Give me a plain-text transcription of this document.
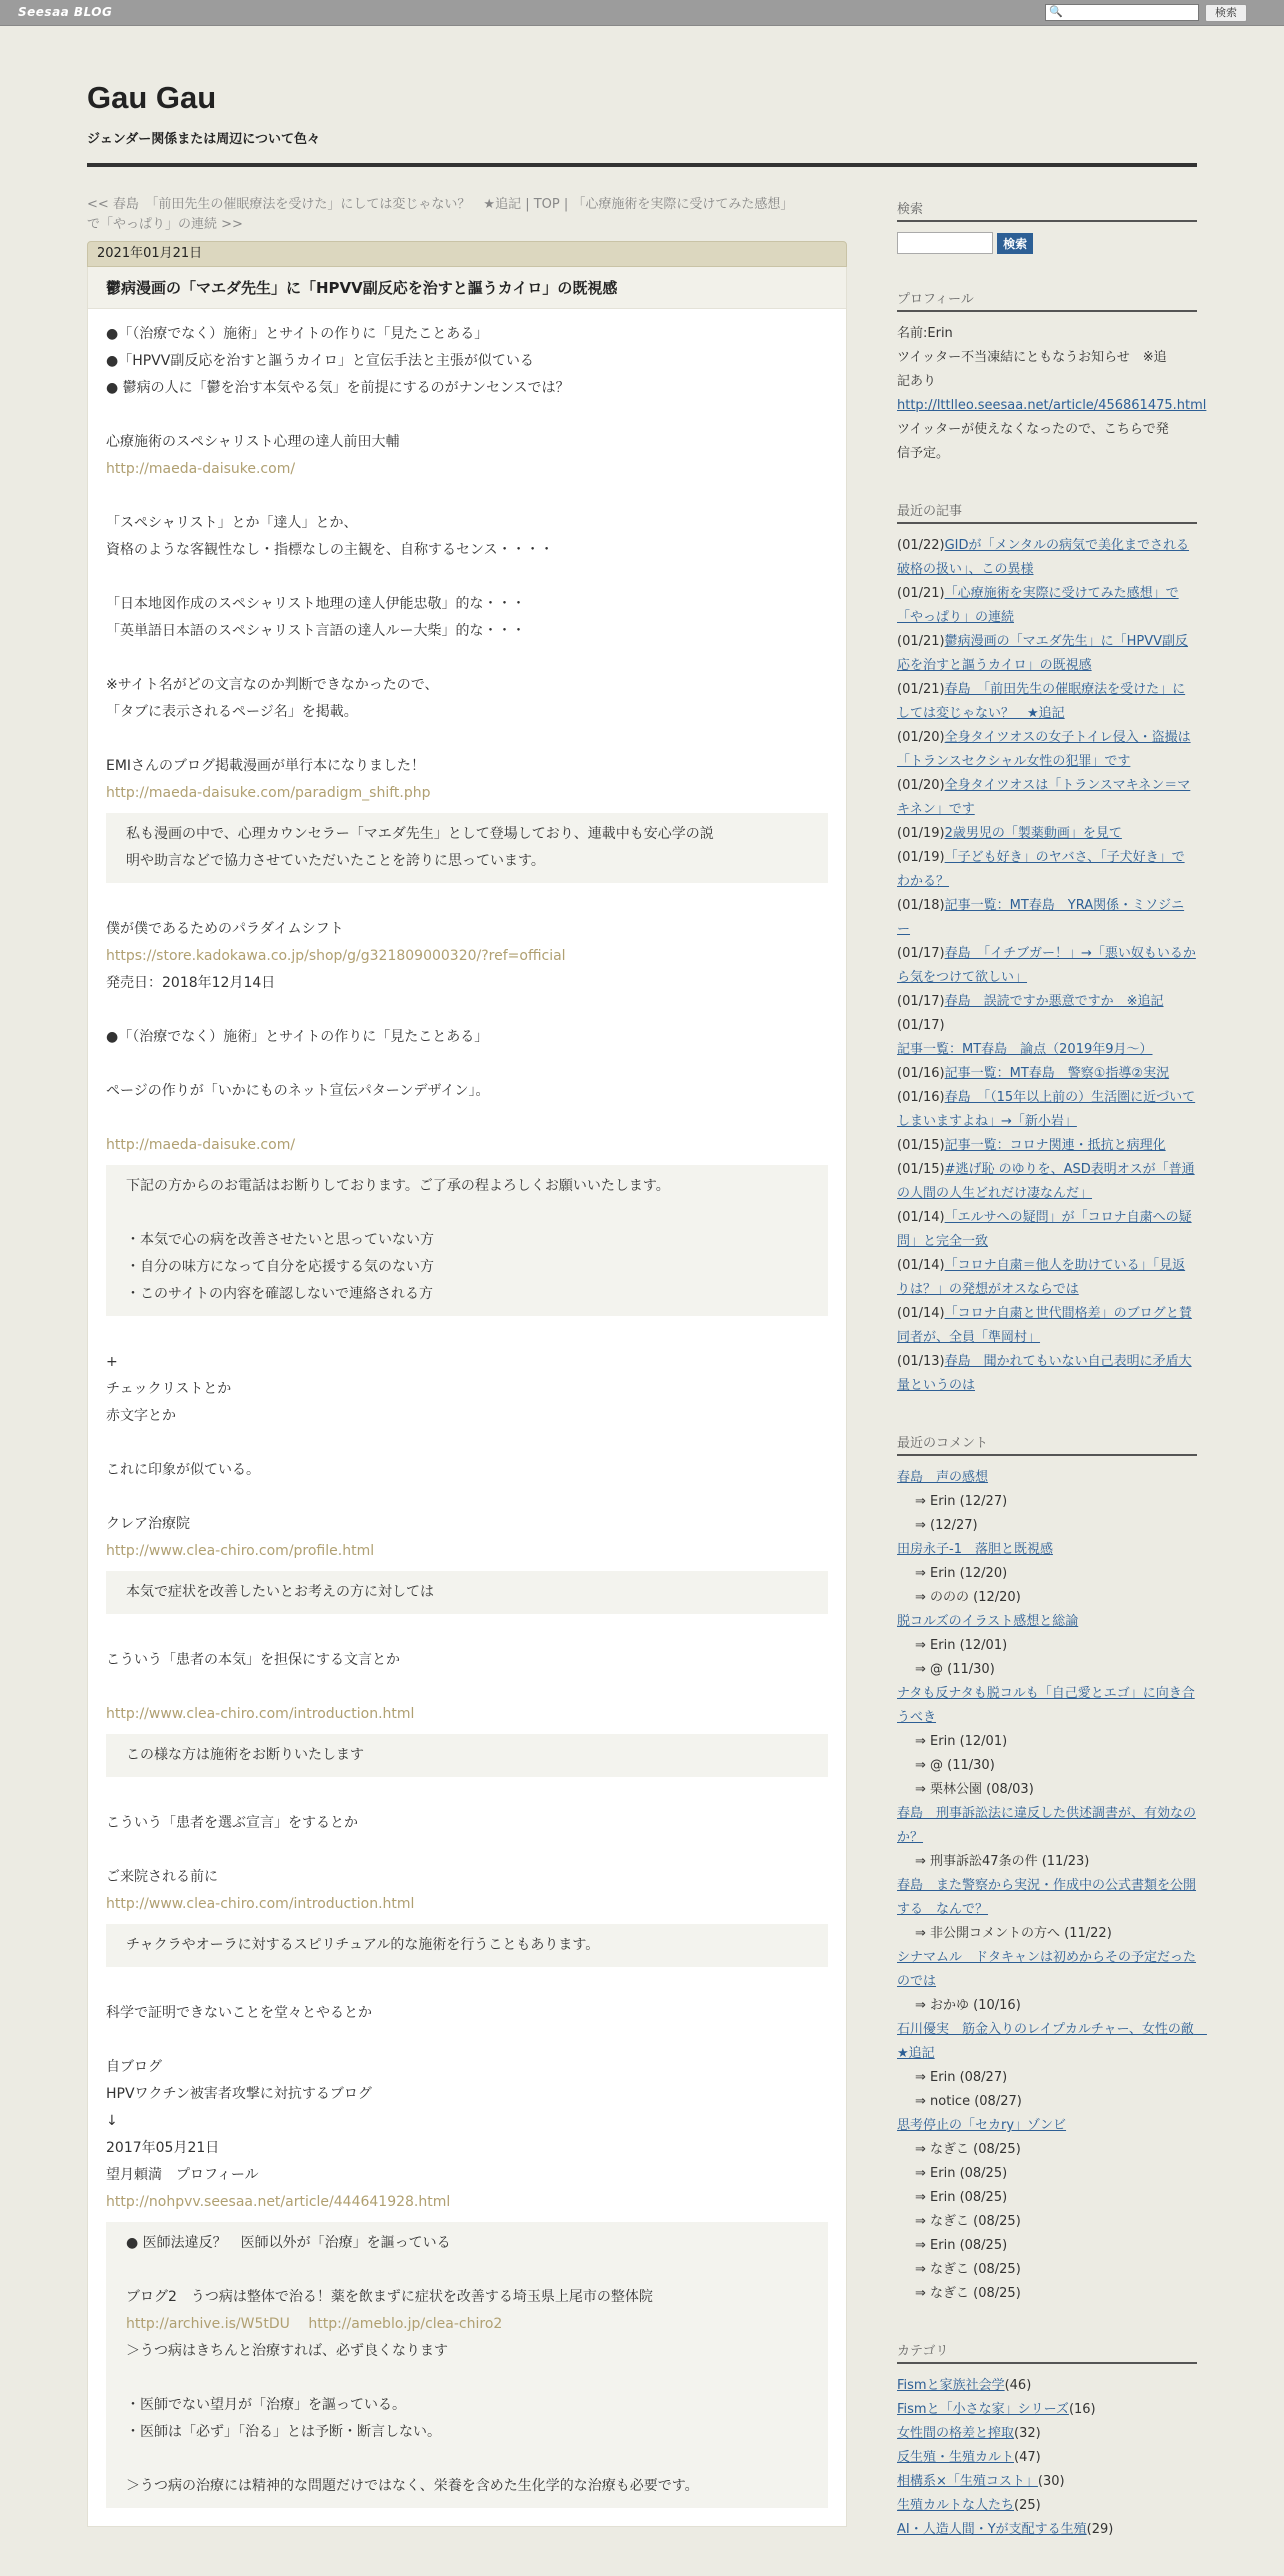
Seesaa BLOG	🔍	検索
Gau Gau
ジェンダー関係または周辺について色々
<< 春島　「前田先生の催眠療法を受けた」にしては変じゃない？　★追記 | TOP | 「心療施術を実際に受けてみた感想」
で「やっぱり」の連続 >>
2021年01月21日
鬱病漫画の「マエダ先生」に「HPVV副反応を治すと謳うカイロ」の既視感
●「（治療でなく）施術」とサイトの作りに「見たことある」
●「HPVV副反応を治すと謳うカイロ」と宣伝手法と主張が似ている
● 鬱病の人に「鬱を治す本気やる気」を前提にするのがナンセンスでは？
心療施術のスペシャリスト心理の達人前田大輔
http://maeda-daisuke.com/
「スペシャリスト」とか「達人」とか、
資格のような客観性なし・指標なしの主観を、自称するセンス・・・・
「日本地図作成のスペシャリスト地理の達人伊能忠敬」的な・・・
「英単語日本語のスペシャリスト言語の達人ルー大柴」的な・・・
※サイト名がどの文言なのか判断できなかったので、
「タブに表示されるページ名」を掲載。
EMIさんのブログ掲載漫画が単行本になりました！
http://maeda-daisuke.com/paradigm_shift.php
私も漫画の中で、心理カウンセラー「マエダ先生」として登場しており、連載中も安心学の説
明や助言などで協力させていただいたことを誇りに思っています。
僕が僕であるためのパラダイムシフト
https://store.kadokawa.co.jp/shop/g/g321809000320/?ref=official
発売日：2018年12月14日
●「（治療でなく）施術」とサイトの作りに「見たことある」
ページの作りが「いかにものネット宣伝パターンデザイン」。
http://maeda-daisuke.com/
下記の方からのお電話はお断りしております。ご了承の程よろしくお願いいたします。
・本気で心の病を改善させたいと思っていない方
・自分の味方になって自分を応援する気のない方
・このサイトの内容を確認しないで連絡される方
+
チェックリストとか
赤文字とか
これに印象が似ている。
クレア治療院
http://www.clea-chiro.com/profile.html
本気で症状を改善したいとお考えの方に対しては
こういう「患者の本気」を担保にする文言とか
http://www.clea-chiro.com/introduction.html
この様な方は施術をお断りいたします
こういう「患者を選ぶ宣言」をするとか
ご来院される前に
http://www.clea-chiro.com/introduction.html
チャクラやオーラに対するスピリチュアル的な施術を行うこともあります。
科学で証明できないことを堂々とやるとか
自ブログ
HPVワクチン被害者攻撃に対抗するブログ
↓
2017年05月21日
望月頼満　プロフィール
http://nohpvv.seesaa.net/article/444641928.html
● 医師法違反？　医師以外が「治療」を謳っている
ブログ2　うつ病は整体で治る！薬を飲まずに症状を改善する埼玉県上尾市の整体院
http://archive.is/W5tDU　 http://ameblo.jp/clea-chiro2
＞うつ病はきちんと治療すれば、必ず良くなります
・医師でない望月が「治療」を謳っている。
・医師は「必ず」「治る」とは予断・断言しない。
＞うつ病の治療には精神的な問題だけではなく、栄養を含めた生化学的な治療も必要です。
検索
検索
プロフィール
名前:Erin
ツイッター不当凍結にともなうお知らせ　※追
記あり
http://lttlleo.seesaa.net/article/456861475.html
ツイッターが使えなくなったので、こちらで発
信予定。
最近の記事
(01/22)GIDが「メンタルの病気で美化までされる破格の扱い」、この異様
(01/21)「心療施術を実際に受けてみた感想」で「やっぱり」の連続
(01/21)鬱病漫画の「マエダ先生」に「HPVV副反応を治すと謳うカイロ」の既視感
(01/21)春島　「前田先生の催眠療法を受けた」にしては変じゃない？　★追記
(01/20)全身タイツオスの女子トイレ侵入・盗撮は「トランスセクシャル女性の犯罪」です
(01/20)全身タイツオスは「トランスマキネン＝マキネン」です
(01/19)2歳男児の「製薬動画」を見て
(01/19)「子ども好き」のヤバさ、「子犬好き」でわかる？
(01/18)記事一覧：MT春島　YRA関係・ミソジニー
(01/17)春島　「イチブガー！」→「悪い奴もいるから気をつけて欲しい」
(01/17)春島　誤読ですか悪意ですか　※追記
(01/17)記事一覧：MT春島　論点（2019年9月～）
(01/16)記事一覧：MT春島　警察①指導②実況
(01/16)春島　「（15年以上前の）生活圏に近づいてしまいますよね」→「新小岩」
(01/15)記事一覧：コロナ関連・抵抗と病理化
(01/15)#逃げ恥 のゆりを、ASD表明オスが「普通の人間の人生どれだけ凄なんだ」
(01/14)「エルサへの疑問」が「コロナ自粛への疑問」と完全一致
(01/14)「コロナ自粛＝他人を助けている」「見返りは？」の発想がオスならでは
(01/14)「コロナ自粛と世代間格差」のブログと賛同者が、全員「準岡村」
(01/13)春島　聞かれてもいない自己表明に矛盾大量というのは
最近のコメント
春島　声の感想
⇒ Erin (12/27)
⇒ (12/27)
田房永子-1　落胆と既視感
⇒ Erin (12/20)
⇒ ののの (12/20)
脱コルズのイラスト感想と総論
⇒ Erin (12/01)
⇒ @ (11/30)
ナタも反ナタも脱コルも「自己愛とエゴ」に向き合うべき
⇒ Erin (12/01)
⇒ @ (11/30)
⇒ 栗林公園 (08/03)
春島　刑事訴訟法に違反した供述調書が、有効なのか？
⇒ 刑事訴訟47条の件 (11/23)
春島　また警察から実況・作成中の公式書類を公開する　なんで？
⇒ 非公開コメントの方へ (11/22)
シナマムル　ドタキャンは初めからその予定だったのでは
⇒ おかゆ (10/16)
石川優実　筋金入りのレイプカルチャー、女性の敵　★追記
⇒ Erin (08/27)
⇒ notice (08/27)
思考停止の「セカry」ゾンビ
⇒ なぎこ (08/25)
⇒ Erin (08/25)
⇒ Erin (08/25)
⇒ なぎこ (08/25)
⇒ Erin (08/25)
⇒ なぎこ (08/25)
⇒ なぎこ (08/25)
カテゴリ
Fismと家族社会学(46)
Fismと「小さな家」シリーズ(16)
女性間の格差と搾取(32)
反生殖・生殖カルト(47)
相構系×「生殖コスト」(30)
生殖カルトな人たち(25)
AI・人造人間・Yが支配する生殖(29)
